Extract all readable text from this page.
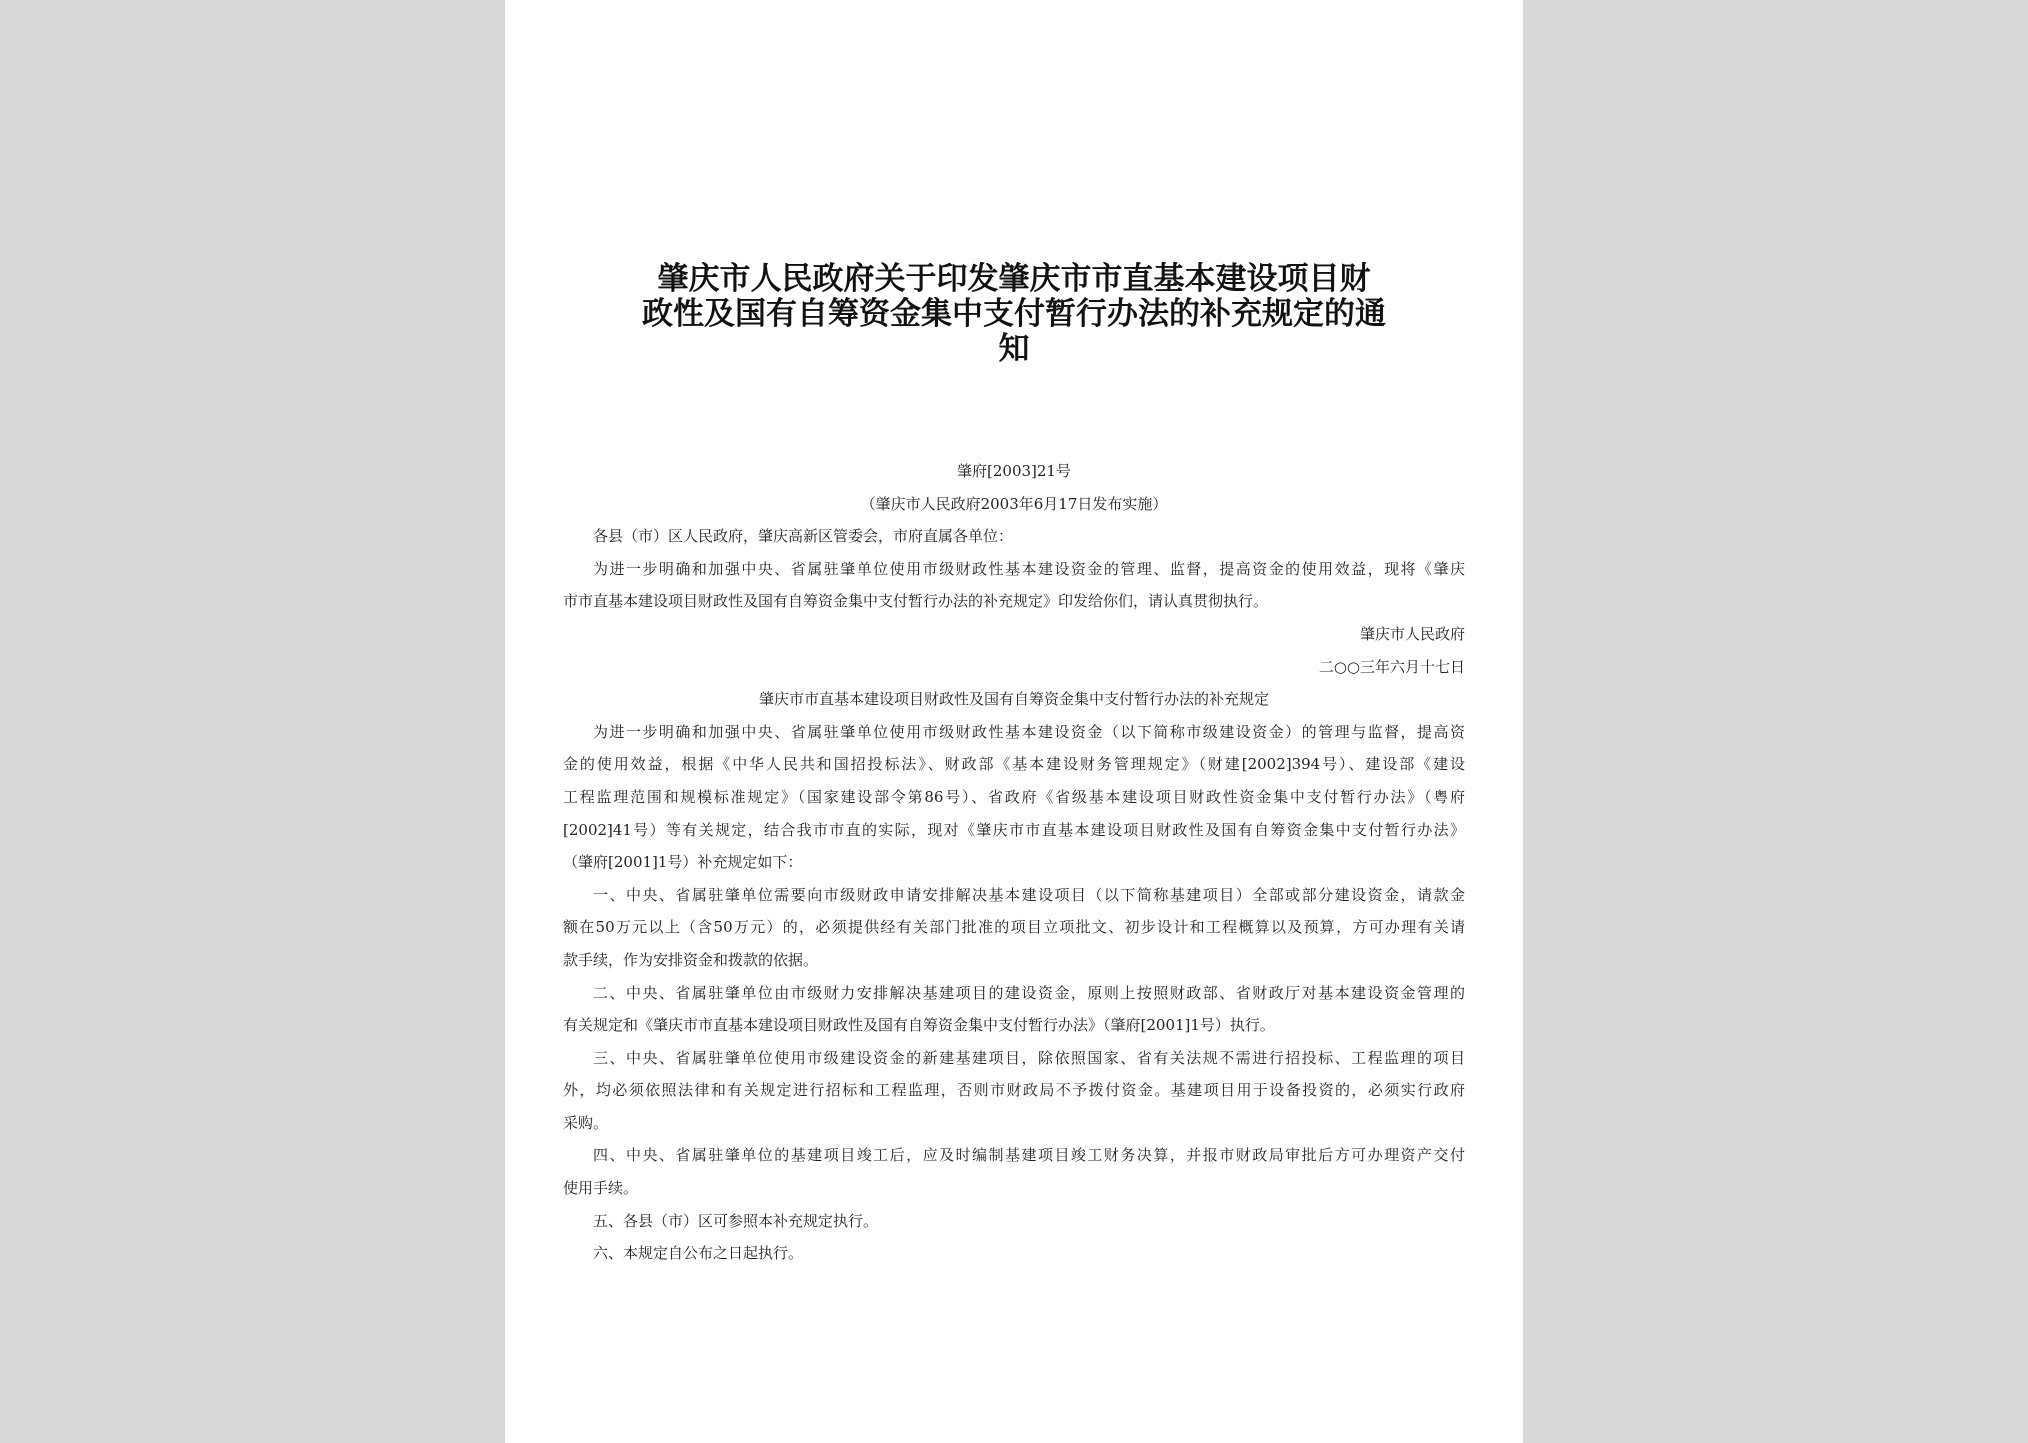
肇庆市人民政府关于印发肇庆市市直基本建设项目财
政性及国有自筹资金集中支付暂行办法的补充规定的通
知
肇府[2003]21号
（肇庆市人民政府2003年6月17日发布实施）
各县（市）区人民政府，肇庆高新区管委会，市府直属各单位：
为进一步明确和加强中央、省属驻肇单位使用市级财政性基本建设资金的管理、监督，提高资金的使用效益，现将《肇庆
市市直基本建设项目财政性及国有自筹资金集中支付暂行办法的补充规定》印发给你们，请认真贯彻执行。
肇庆市人民政府
二○○三年六月十七日
肇庆市市直基本建设项目财政性及国有自筹资金集中支付暂行办法的补充规定
为进一步明确和加强中央、省属驻肇单位使用市级财政性基本建设资金（以下简称市级建设资金）的管理与监督，提高资
金的使用效益，根据《中华人民共和国招投标法》、财政部《基本建设财务管理规定》（财建[2002]394号）、建设部《建设
工程监理范围和规模标准规定》（国家建设部令第86号）、省政府《省级基本建设项目财政性资金集中支付暂行办法》（粤府
[2002]41号）等有关规定，结合我市市直的实际，现对《肇庆市市直基本建设项目财政性及国有自筹资金集中支付暂行办法》
（肇府[2001]1号）补充规定如下：
一、中央、省属驻肇单位需要向市级财政申请安排解决基本建设项目（以下简称基建项目）全部或部分建设资金，请款金
额在50万元以上（含50万元）的，必须提供经有关部门批准的项目立项批文、初步设计和工程概算以及预算，方可办理有关请
款手续，作为安排资金和拨款的依据。
二、中央、省属驻肇单位由市级财力安排解决基建项目的建设资金，原则上按照财政部、省财政厅对基本建设资金管理的
有关规定和《肇庆市市直基本建设项目财政性及国有自筹资金集中支付暂行办法》（肇府[2001]1号）执行。
三、中央、省属驻肇单位使用市级建设资金的新建基建项目，除依照国家、省有关法规不需进行招投标、工程监理的项目
外，均必须依照法律和有关规定进行招标和工程监理，否则市财政局不予拨付资金。基建项目用于设备投资的，必须实行政府
采购。
四、中央、省属驻肇单位的基建项目竣工后，应及时编制基建项目竣工财务决算，并报市财政局审批后方可办理资产交付
使用手续。
五、各县（市）区可参照本补充规定执行。
六、本规定自公布之日起执行。
